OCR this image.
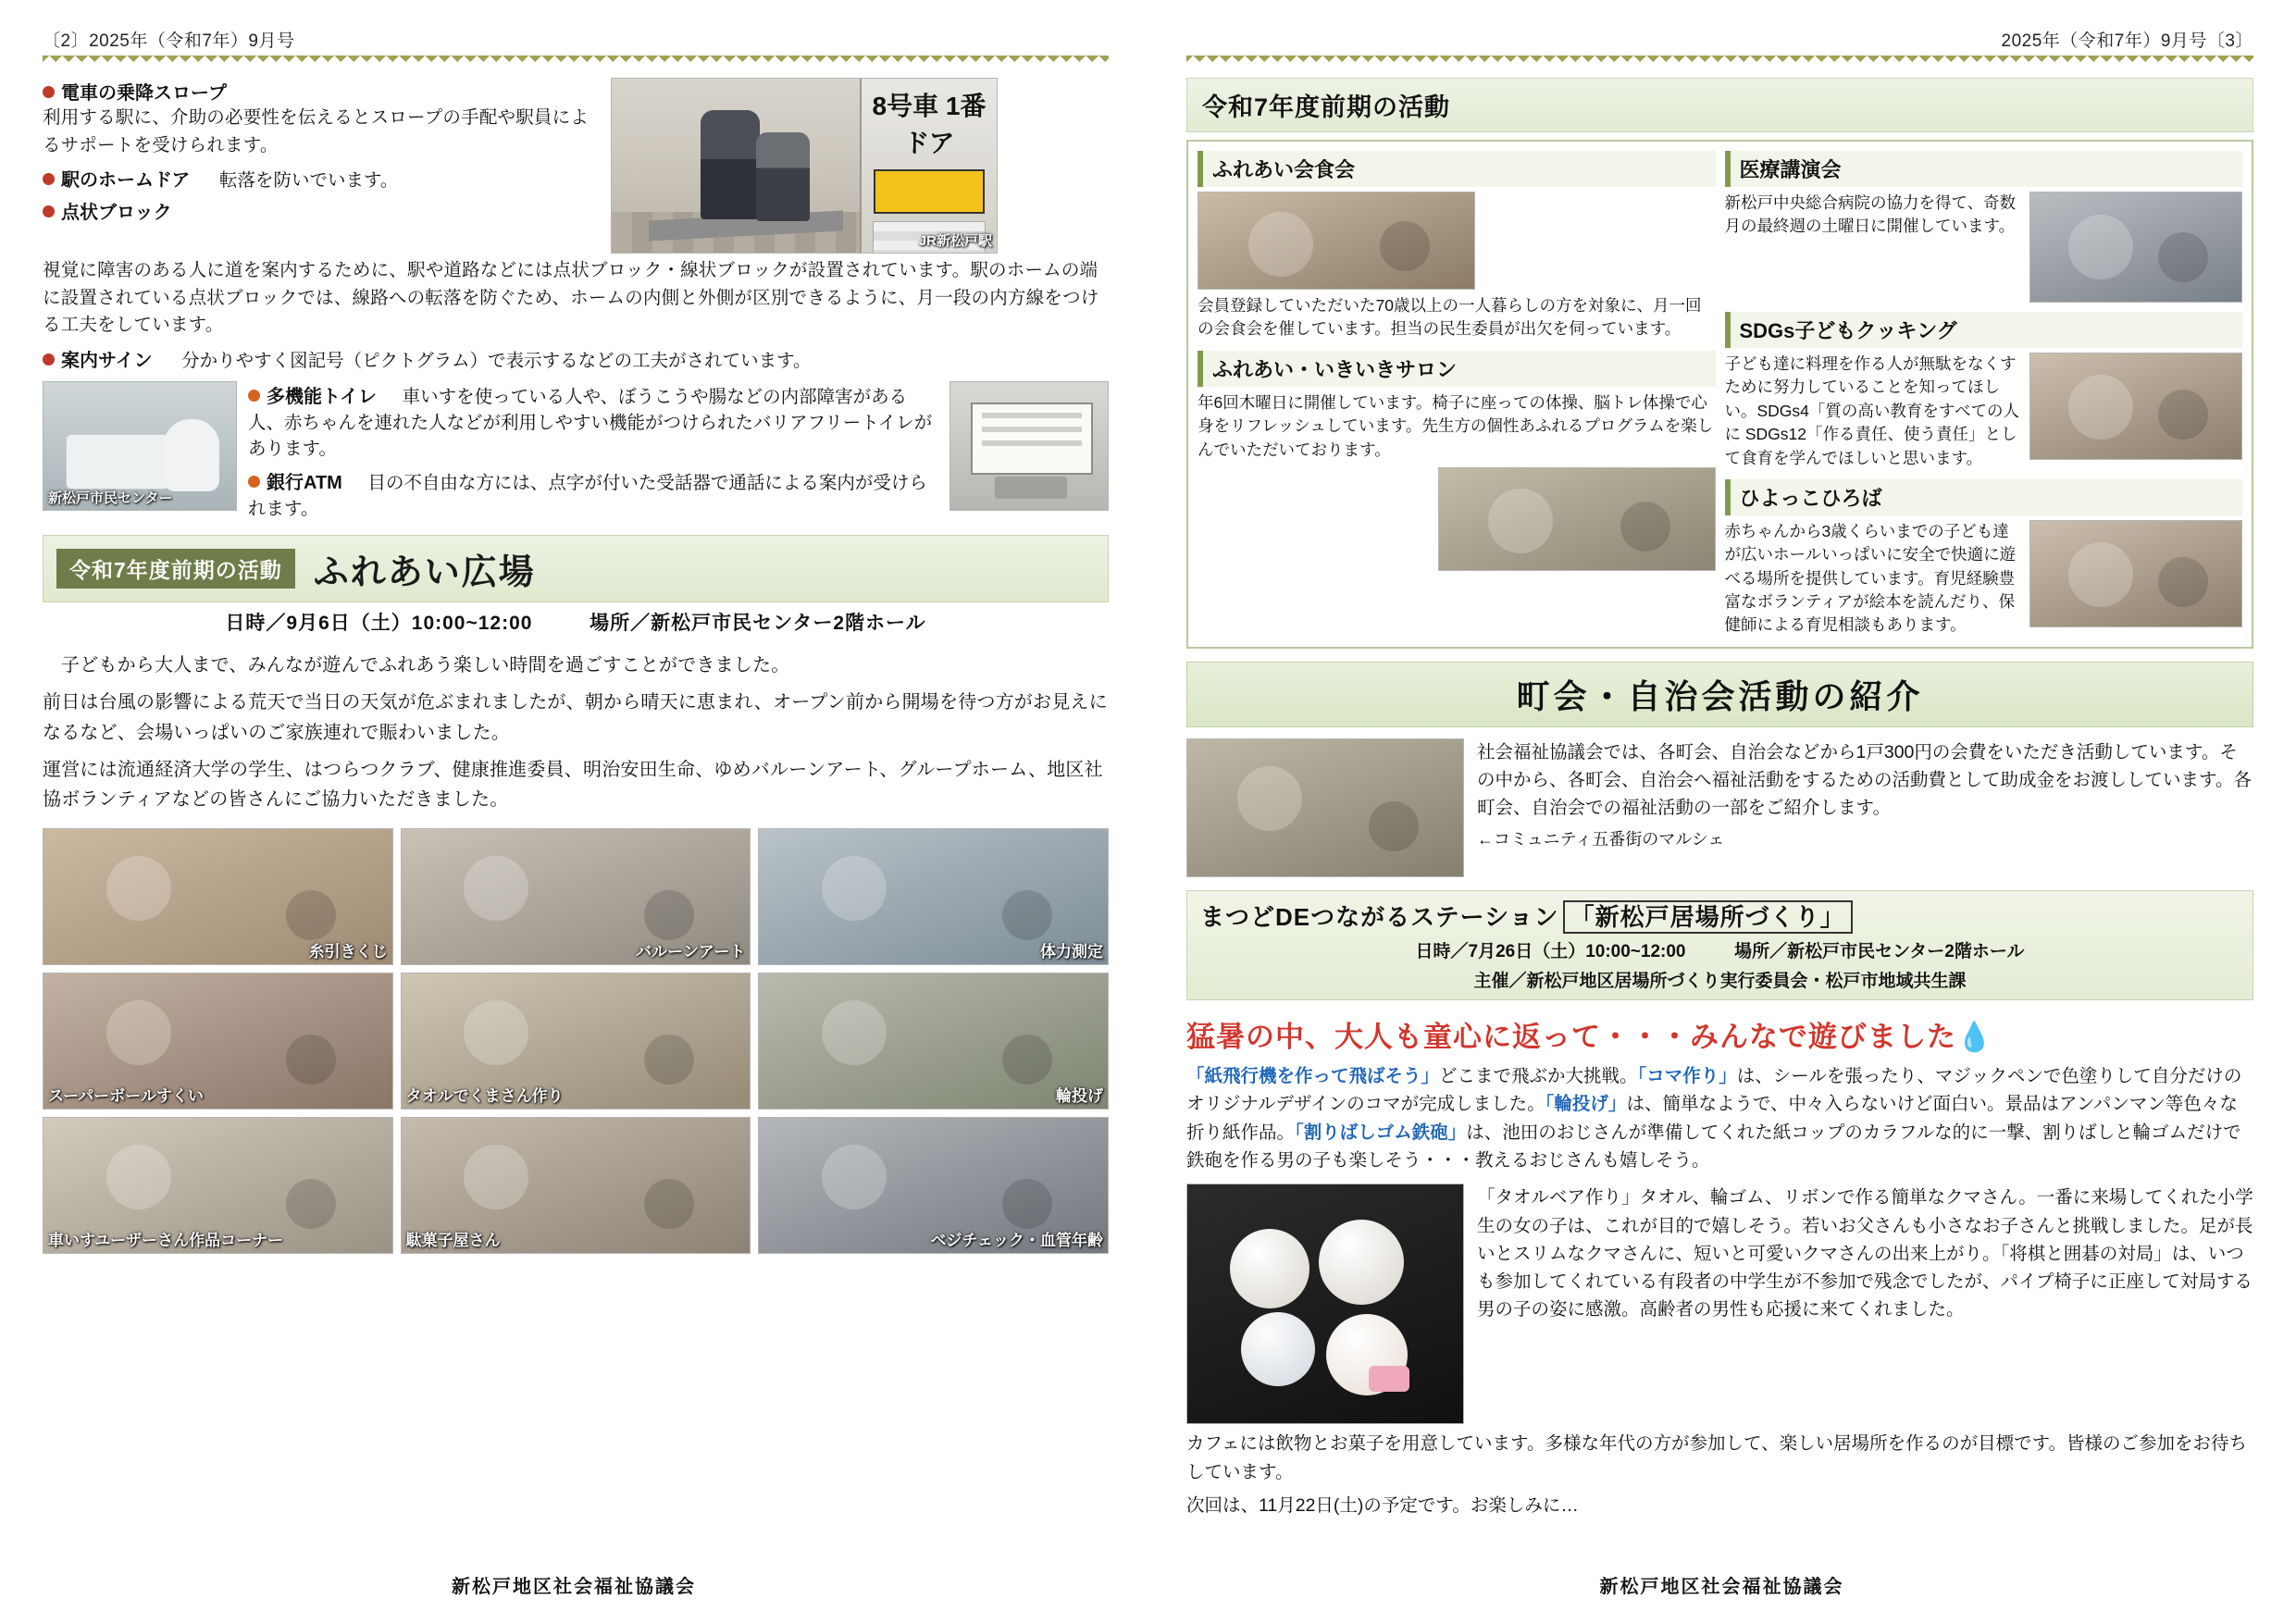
〔2〕2025年（令和7年）9月号
電車の乗降スロープ
利用する駅に、介助の必要性を伝えるとスロープの手配や駅員によるサポートを受けられます。
駅のホームドア 転落を防いでいます。
点状ブロック
8号車 1番ドア
JR新松戸駅
視覚に障害のある人に道を案内するために、駅や道路などには点状ブロック・線状ブロックが設置されています。駅のホームの端に設置されている点状ブロックでは、線路への転落を防ぐため、ホームの内側と外側が区別できるように、月一段の内方線をつける工夫をしています。
案内サイン 分かりやすく図記号（ピクトグラム）で表示するなどの工夫がされています。
新松戸市民センター
多機能トイレ 車いすを使っている人や、ぼうこうや腸などの内部障害がある人、赤ちゃんを連れた人などが利用しやすい機能がつけられたバリアフリートイレがあります。
銀行ATM 目の不自由な方には、点字が付いた受話器で通話による案内が受けられます。
令和7年度前期の活動 ふれあい広場
日時／9月6日（土）10:00~12:00	場所／新松戸市民センター2階ホール
子どもから大人まで、みんなが遊んでふれあう楽しい時間を過ごすことができました。
前日は台風の影響による荒天で当日の天気が危ぶまれましたが、朝から晴天に恵まれ、オープン前から開場を待つ方がお見えになるなど、会場いっぱいのご家族連れで賑わいました。
運営には流通経済大学の学生、はつらつクラブ、健康推進委員、明治安田生命、ゆめバルーンアート、グループホーム、地区社協ボランティアなどの皆さんにご協力いただきました。
糸引きくじ	バルーンアート	体力測定
スーパーボールすくい	タオルでくまさん作り	輪投げ
車いすユーザーさん作品コーナー	駄菓子屋さん	ベジチェック・血管年齢
新松戸地区社会福祉協議会
2025年（令和7年）9月号〔3〕
令和7年度前期の活動
ふれあい会食会
会員登録していただいた70歳以上の一人暮らしの方を対象に、月一回の会食会を催しています。担当の民生委員が出欠を伺っています。
ふれあい・いきいきサロン
年6回木曜日に開催しています。椅子に座っての体操、脳トレ体操で心身をリフレッシュしています。先生方の個性あふれるプログラムを楽しんでいただいております。
医療講演会
新松戸中央総合病院の協力を得て、奇数月の最終週の土曜日に開催しています。
SDGs子どもクッキング
子ども達に料理を作る人が無駄をなくすために努力していることを知ってほしい。SDGs4「質の高い教育をすべての人に SDGs12「作る責任、使う責任」として食育を学んでほしいと思います。
ひよっこひろば
赤ちゃんから3歳くらいまでの子ども達が広いホールいっぱいに安全で快適に遊べる場所を提供しています。育児経験豊富なボランティアが絵本を読んだり、保健師による育児相談もあります。
町会・自治会活動の紹介
社会福祉協議会では、各町会、自治会などから1戸300円の会費をいただき活動しています。その中から、各町会、自治会へ福祉活動をするための活動費として助成金をお渡ししています。各町会、自治会での福祉活動の一部をご紹介します。
←コミュニティ五番街のマルシェ
まつどDEつながるステーション 「新松戸居場所づくり」
日時／7月26日（土）10:00~12:00	場所／新松戸市民センター2階ホール
主催／新松戸地区居場所づくり実行委員会・松戸市地域共生課
猛暑の中、大人も童心に返って・・・みんなで遊びました💧
「紙飛行機を作って飛ばそう」どこまで飛ぶか大挑戦。「コマ作り」は、シールを張ったり、マジックペンで色塗りして自分だけのオリジナルデザインのコマが完成しました。「輪投げ」は、簡単なようで、中々入らないけど面白い。景品はアンパンマン等色々な折り紙作品。「割りばしゴム鉄砲」は、池田のおじさんが準備してくれた紙コップのカラフルな的に一撃、割りばしと輪ゴムだけで鉄砲を作る男の子も楽しそう・・・教えるおじさんも嬉しそう。
「タオルベア作り」タオル、輪ゴム、リボンで作る簡単なクマさん。一番に来場してくれた小学生の女の子は、これが目的で嬉しそう。若いお父さんも小さなお子さんと挑戦しました。足が長いとスリムなクマさんに、短いと可愛いクマさんの出来上がり。「将棋と囲碁の対局」は、いつも参加してくれている有段者の中学生が不参加で残念でしたが、パイプ椅子に正座して対局する男の子の姿に感激。高齢者の男性も応援に来てくれました。
カフェには飲物とお菓子を用意しています。多様な年代の方が参加して、楽しい居場所を作るのが目標です。皆様のご参加をお待ちしています。
次回は、11月22日(土)の予定です。お楽しみに…
新松戸地区社会福祉協議会
